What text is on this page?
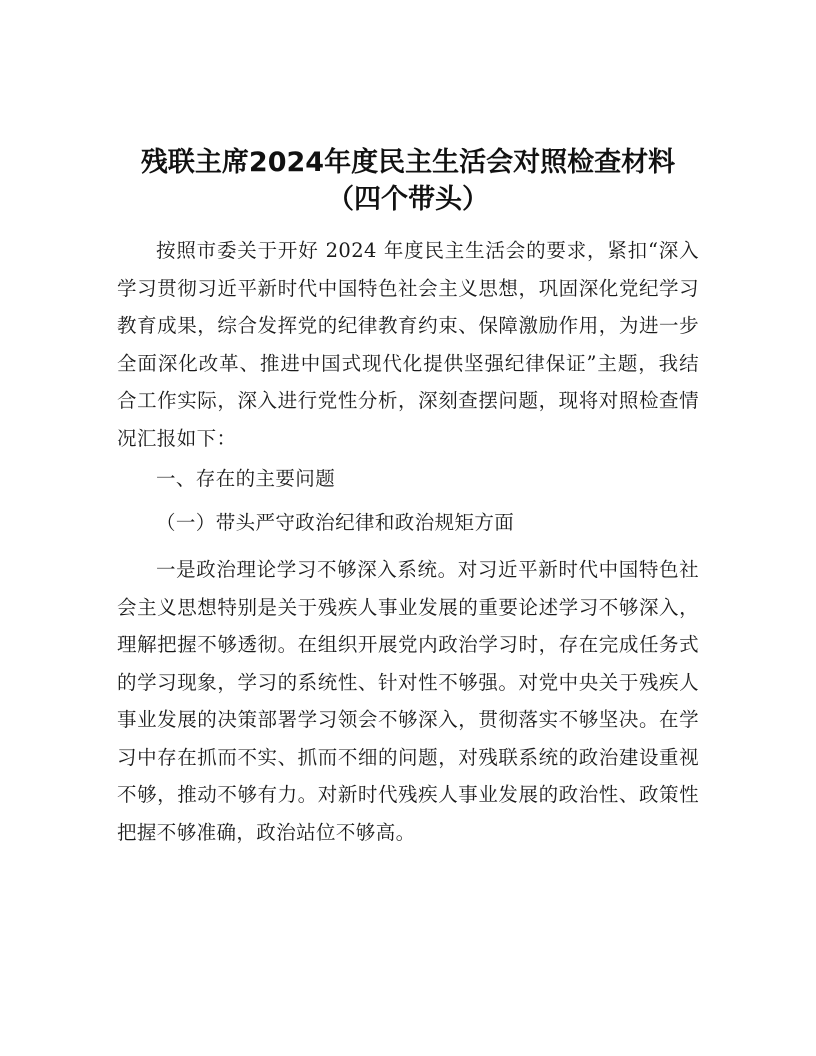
残联主席2024年度民主生活会对照检查材料
（四个带头）

按照市委关于开好 2024 年度民主生活会的要求，紧扣“深入学习贯彻习近平新时代中国特色社会主义思想，巩固深化党纪学习教育成果，综合发挥党的纪律教育约束、保障激励作用，为进一步全面深化改革、推进中国式现代化提供坚强纪律保证”主题，我结合工作实际，深入进行党性分析，深刻查摆问题，现将对照检查情况汇报如下：

一、存在的主要问题

（一）带头严守政治纪律和政治规矩方面

一是政治理论学习不够深入系统。对习近平新时代中国特色社会主义思想特别是关于残疾人事业发展的重要论述学习不够深入，理解把握不够透彻。在组织开展党内政治学习时，存在完成任务式的学习现象，学习的系统性、针对性不够强。对党中央关于残疾人事业发展的决策部署学习领会不够深入，贯彻落实不够坚决。在学习中存在抓而不实、抓而不细的问题，对残联系统的政治建设重视不够，推动不够有力。对新时代残疾人事业发展的政治性、政策性把握不够准确，政治站位不够高。
